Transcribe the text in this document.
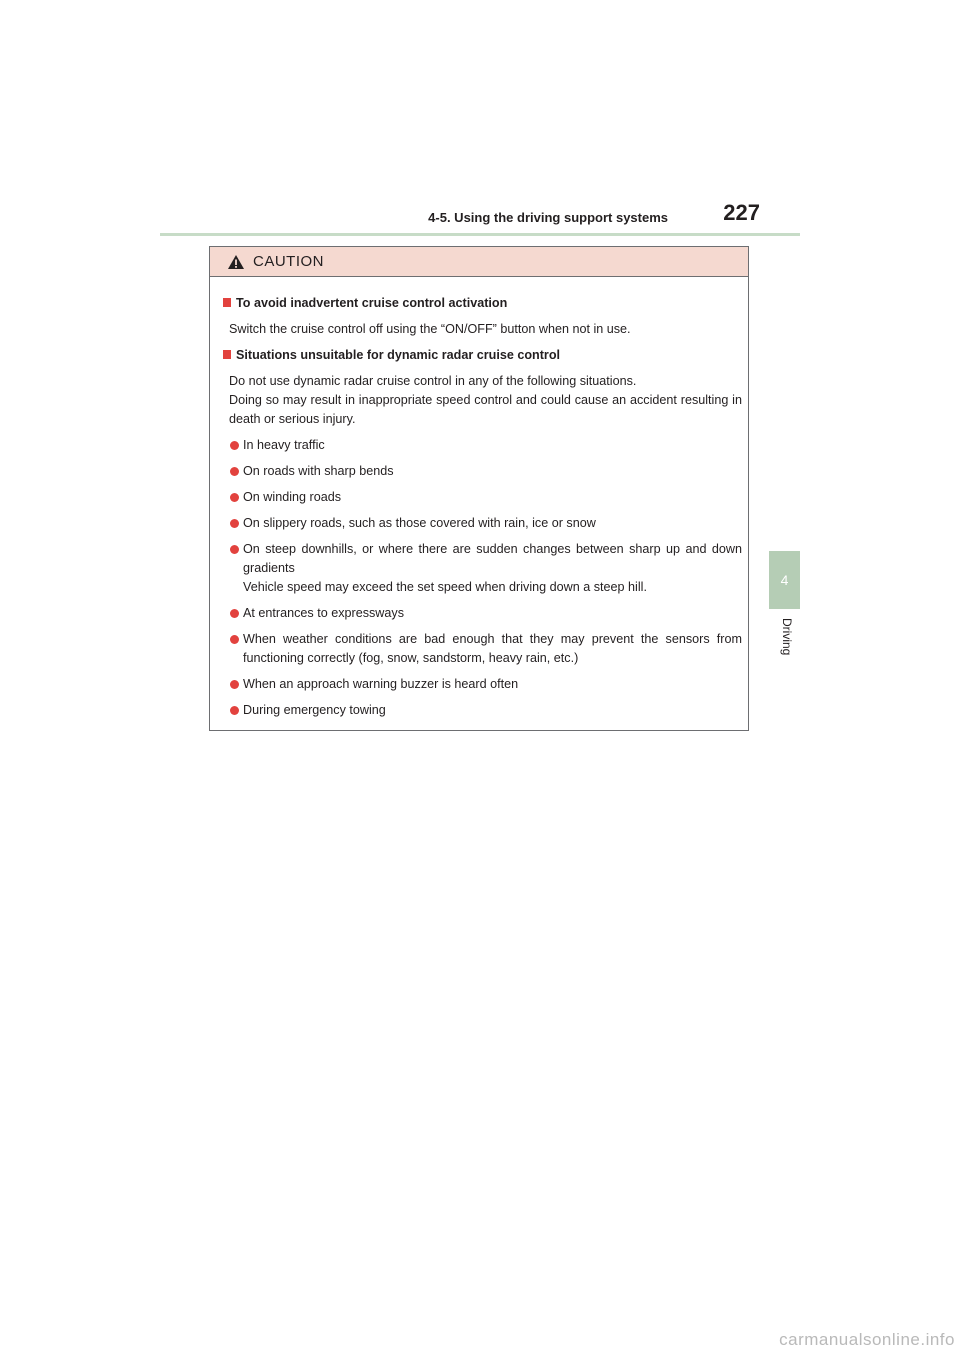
4-5. Using the driving support systems	227
4
Driving
CAUTION
To avoid inadvertent cruise control activation
Switch the cruise control off using the “ON/OFF” button when not in use.
Situations unsuitable for dynamic radar cruise control
Do not use dynamic radar cruise control in any of the following situations.
Doing so may result in inappropriate speed control and could cause an accident resulting in death or serious injury.
In heavy traffic
On roads with sharp bends
On winding roads
On slippery roads, such as those covered with rain, ice or snow
On steep downhills, or where there are sudden changes between sharp up and down gradients
Vehicle speed may exceed the set speed when driving down a steep hill.
At entrances to expressways
When weather conditions are bad enough that they may prevent the sensors from functioning correctly (fog, snow, sandstorm, heavy rain, etc.)
When an approach warning buzzer is heard often
During emergency towing
carmanualsonline.info
